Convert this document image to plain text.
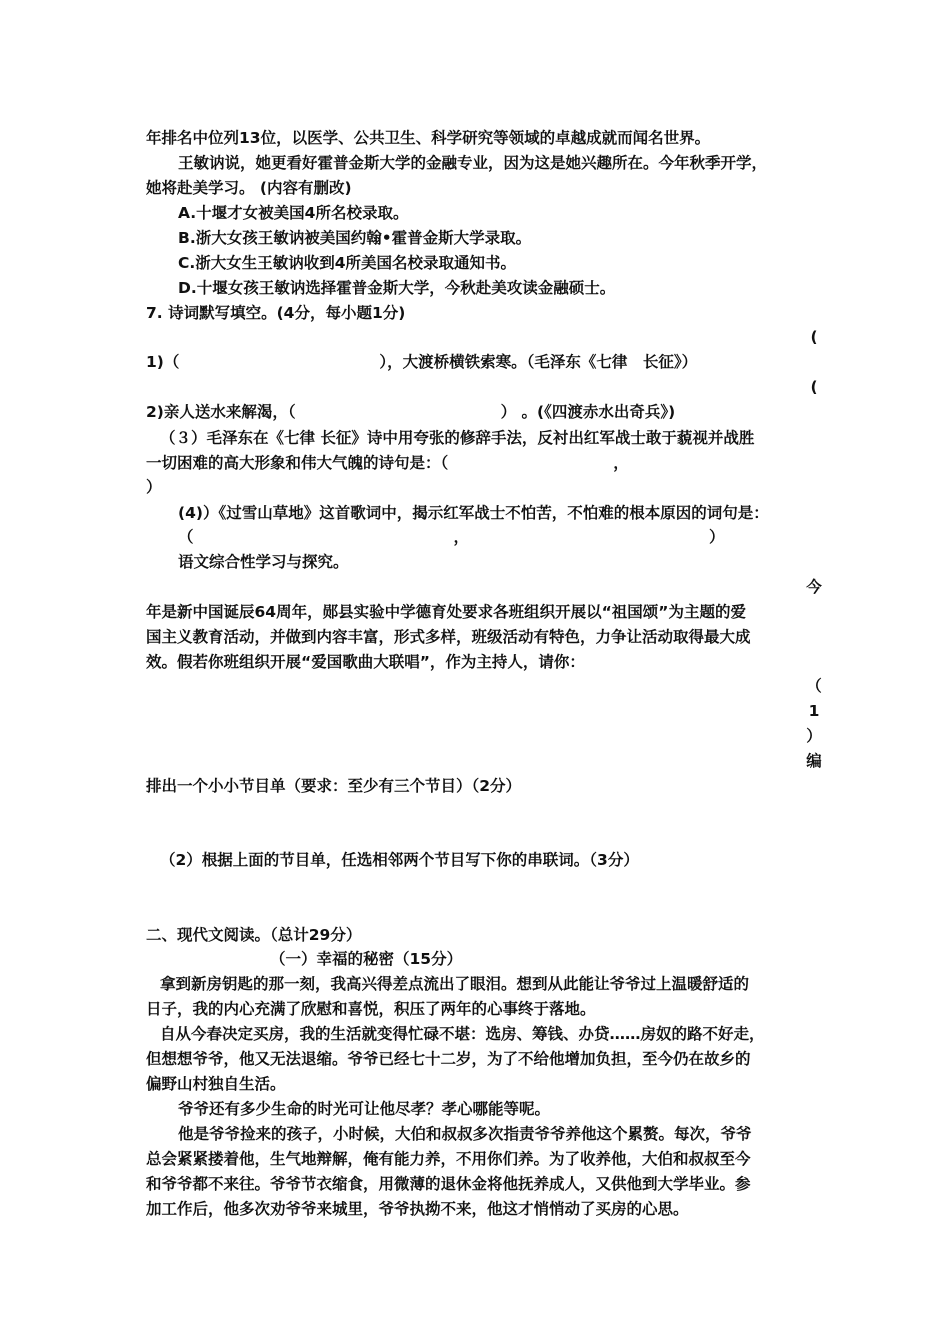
年排名中位列13位，以医学、公共卫生、科学研究等领域的卓越成就而闻名世界。
王敏讷说，她更看好霍普金斯大学的金融专业，因为这是她兴趣所在。今年秋季开学，
她将赴美学习。 (内容有删改)
A.十堰才女被美国4所名校录取。
B.浙大女孩王敏讷被美国约翰•霍普金斯大学录取。
C.浙大女生王敏讷收到4所美国名校录取通知书。
D.十堰女孩王敏讷选择霍普金斯大学，今秋赴美攻读金融硕士。
7. 诗词默写填空。(4分，每小题1分)
(
1)（	），大渡桥横铁索寒。（毛泽东《七律　长征》）
(
2)亲人送水来解渴，（	） 。(《四渡赤水出奇兵》)
（３）毛泽东在《七律 长征》诗中用夸张的修辞手法，反衬出红军战士敢于藐视并战胜
一切困难的高大形象和伟大气魄的诗句是：（	，
）
(4)）《过雪山草地》这首歌词中，揭示红军战士不怕苦，不怕难的根本原因的词句是：
（	，	）
语文综合性学习与探究。
今
年是新中国诞辰64周年，郧县实验中学德育处要求各班组织开展以“祖国颂”为主题的爱
国主义教育活动，并做到内容丰富，形式多样，班级活动有特色，力争让活动取得最大成
效。假若你班组织开展“爱国歌曲大联唱”，作为主持人，请你：
（
1
）
编
排出一个小小节目单（要求：至少有三个节目）（2分）
（2）根据上面的节目单，任选相邻两个节目写下你的串联词。（3分）
二、现代文阅读。（总计29分）
（一）幸福的秘密（15分）
拿到新房钥匙的那一刻，我高兴得差点流出了眼泪。想到从此能让爷爷过上温暖舒适的
日子，我的内心充满了欣慰和喜悦，积压了两年的心事终于落地。
自从今春决定买房，我的生活就变得忙碌不堪：选房、筹钱、办贷……房奴的路不好走，
但想想爷爷，他又无法退缩。爷爷已经七十二岁，为了不给他增加负担，至今仍在故乡的
偏野山村独自生活。
爷爷还有多少生命的时光可让他尽孝？孝心哪能等呢。
他是爷爷捡来的孩子，小时候，大伯和叔叔多次指责爷爷养他这个累赘。每次，爷爷
总会紧紧搂着他，生气地辩解，俺有能力养，不用你们养。为了收养他，大伯和叔叔至今
和爷爷都不来往。爷爷节衣缩食，用微薄的退休金将他抚养成人，又供他到大学毕业。参
加工作后，他多次劝爷爷来城里，爷爷执拗不来，他这才悄悄动了买房的心思。
